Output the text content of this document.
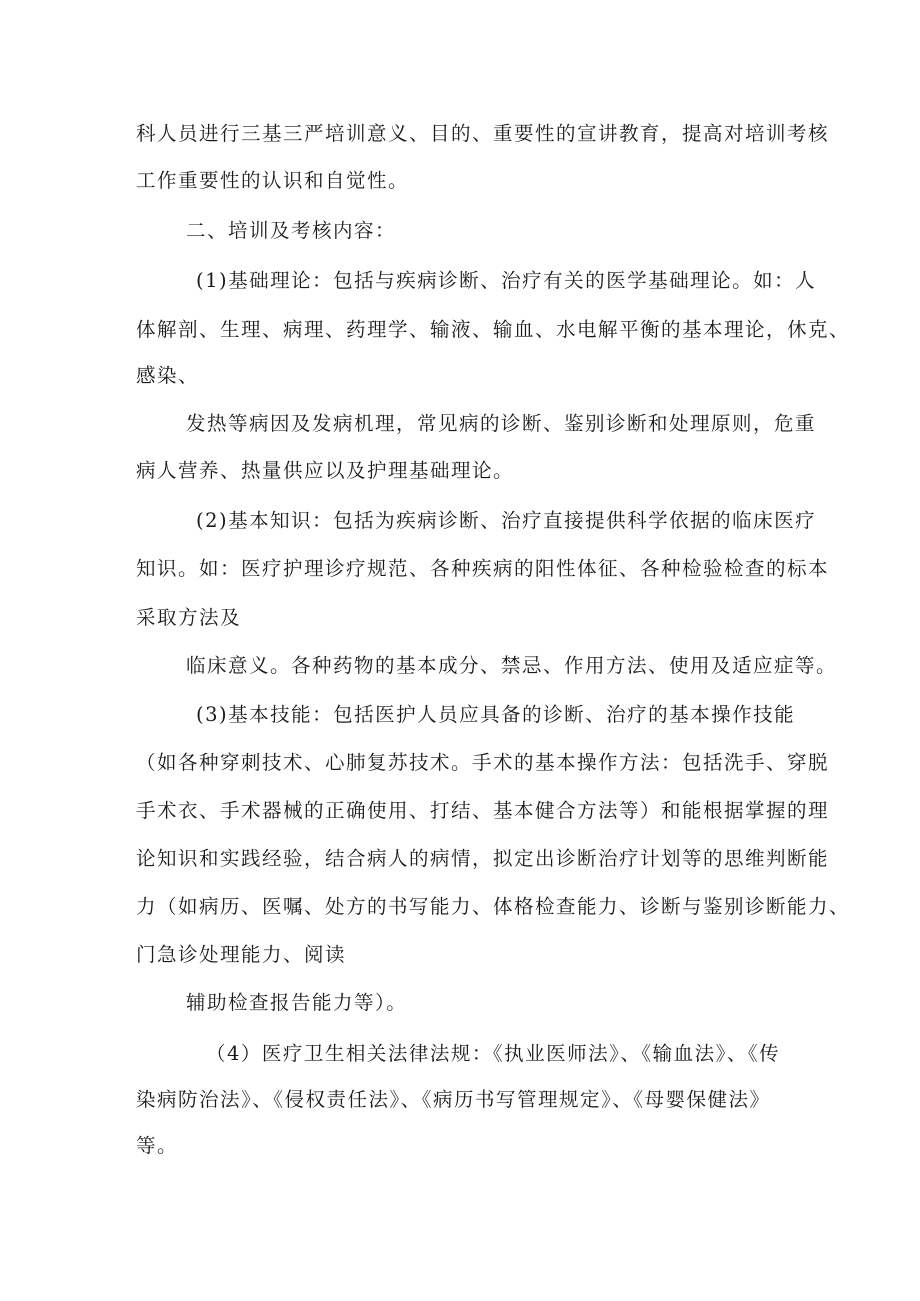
科人员进行三基三严培训意义、目的、重要性的宣讲教育，提高对培训考核
工作重要性的认识和自觉性。
二、培训及考核内容：
(1)基础理论：包括与疾病诊断、治疗有关的医学基础理论。如：人
体解剖、生理、病理、药理学、输液、输血、水电解平衡的基本理论，休克、
感染、
发热等病因及发病机理，常见病的诊断、鉴别诊断和处理原则，危重
病人营养、热量供应以及护理基础理论。
(2)基本知识：包括为疾病诊断、治疗直接提供科学依据的临床医疗
知识。如：医疗护理诊疗规范、各种疾病的阳性体征、各种检验检查的标本
采取方法及
临床意义。各种药物的基本成分、禁忌、作用方法、使用及适应症等。
(3)基本技能：包括医护人员应具备的诊断、治疗的基本操作技能
（如各种穿刺技术、心肺复苏技术。手术的基本操作方法：包括洗手、穿脱
手术衣、手术器械的正确使用、打结、基本健合方法等）和能根据掌握的理
论知识和实践经验，结合病人的病情，拟定出诊断治疗计划等的思维判断能
力（如病历、医嘱、处方的书写能力、体格检查能力、诊断与鉴别诊断能力、
门急诊处理能力、阅读
辅助检查报告能力等）。
（4）医疗卫生相关法律法规：《执业医师法》、《输血法》、《传
染病防治法》、《侵权责任法》、《病历书写管理规定》、《母婴保健法》
等。
